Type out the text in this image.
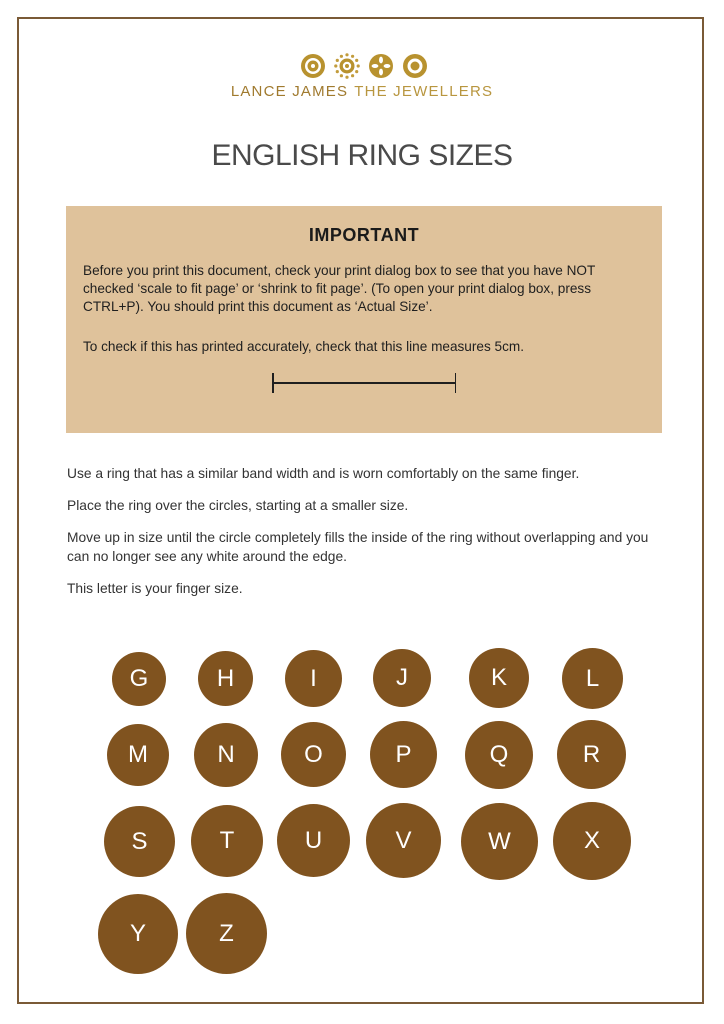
LANCE JAMES THE JEWELLERS
ENGLISH RING SIZES
IMPORTANT

Before you print this document, check your print dialog box to see that you have NOT checked ‘scale to fit page’ or ‘shrink to fit page’. (To open your print dialog box, press CTRL+P). You should print this document as ‘Actual Size’.

To check if this has printed accurately, check that this line measures 5cm.

Use a ring that has a similar band width and is worn comfortably on the same finger.

Place the ring over the circles, starting at a smaller size.

Move up in size until the circle completely fills the inside of the ring without overlapping and you can no longer see any white around the edge.

This letter is your finger size.

G	H	I	J	K	L
M	N	O	P	Q	R
S	T	U	V	W	X
Y	Z
